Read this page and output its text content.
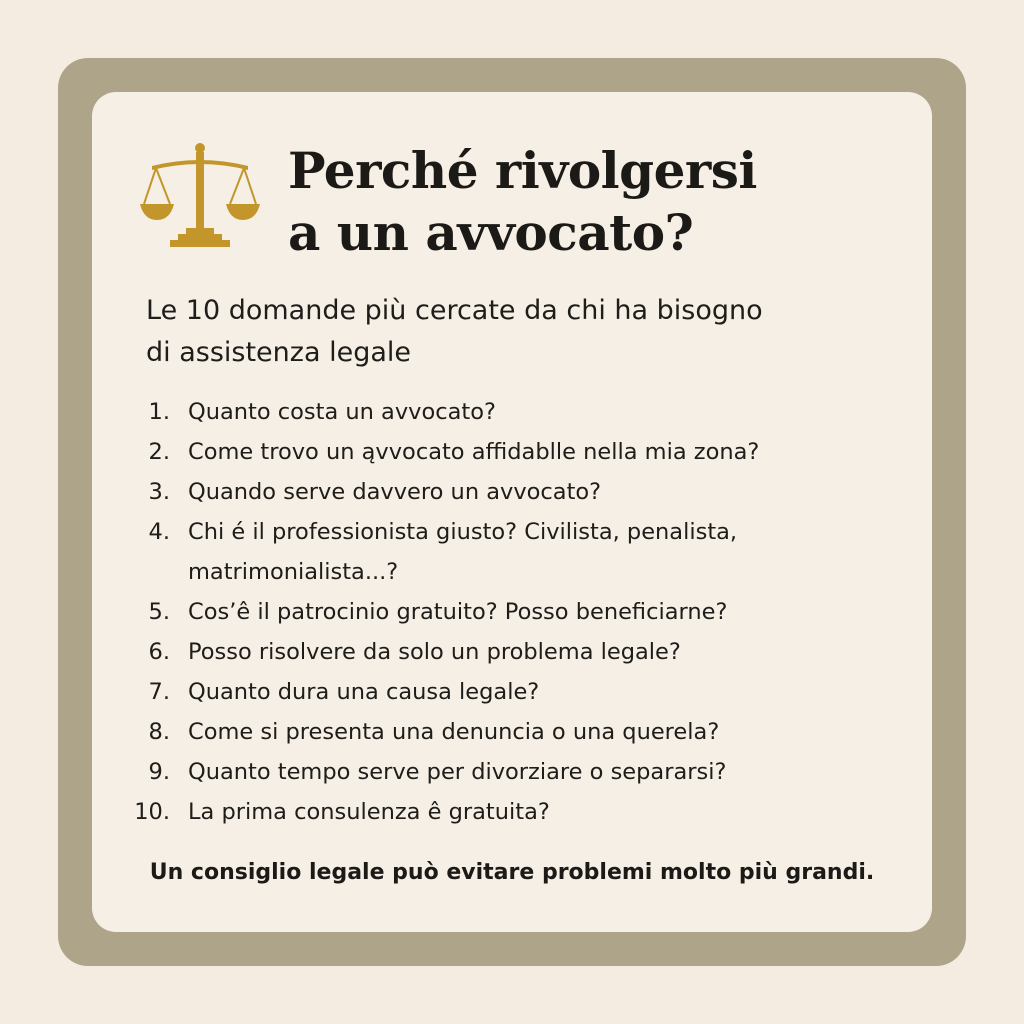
Perché rivolgersi
a un avvocato?

Le 10 domande più cercate da chi ha bisogno
di assistenza legale

1. Quanto costa un avvocato?
2. Come trovo un ąvvocato affidablle nella mia zona?
3. Quando serve davvero un avvocato?
4. Chi é il professionista giusto? Civilista, penalista, matrimonialista...?
5. Cos’ê il patrocinio gratuito? Posso beneficiarne?
6. Posso risolvere da solo un problema legale?
7. Quanto dura una causa legale?
8. Come si presenta una denuncia o una querela?
9. Quanto tempo serve per divorziare o separarsi?
10. La prima consulenza ê gratuita?

Un consiglio legale può evitare problemi molto più grandi.
